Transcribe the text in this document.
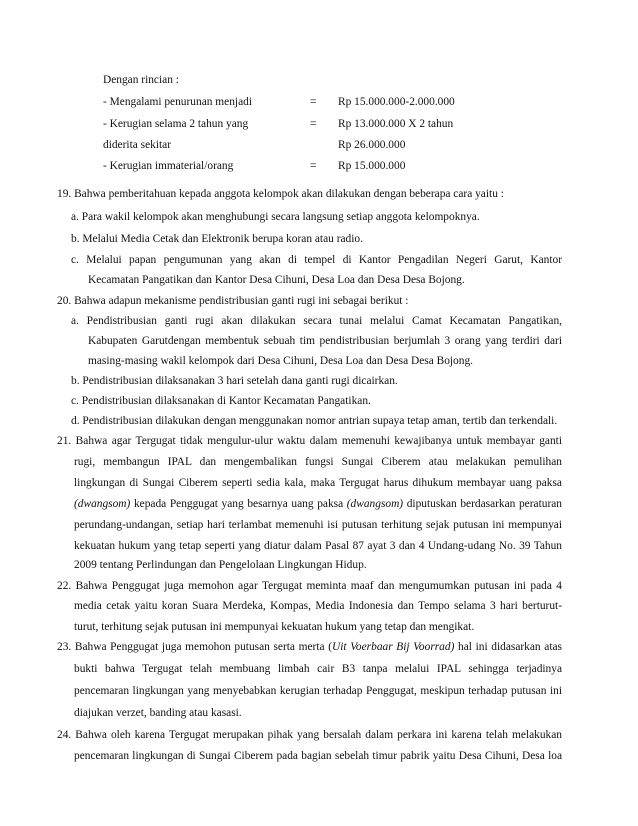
Dengan rincian :
- Mengalami penurunan menjadi	= Rp 15.000.000-2.000.000
- Kerugian selama 2 tahun yang	= Rp 13.000.000 X 2 tahun
diderita sekitar	Rp 26.000.000
- Kerugian immaterial/orang	= Rp 15.000.000
19. Bahwa pemberitahuan kepada anggota kelompok akan dilakukan dengan beberapa cara yaitu :
a. Para wakil kelompok akan menghubungi secara langsung setiap anggota kelompoknya.
b. Melalui Media Cetak dan Elektronik berupa koran atau radio.
c. Melalui papan pengumunan yang akan di tempel di Kantor Pengadilan Negeri Garut, Kantor
Kecamatan Pangatikan dan Kantor Desa Cihuni, Desa Loa dan Desa Desa Bojong.
20. Bahwa adapun mekanisme pendistribusian ganti rugi ini sebagai berikut :
a. Pendistribusian ganti rugi akan dilakukan secara tunai melalui Camat Kecamatan Pangatikan,
Kabupaten Garutdengan membentuk sebuah tim pendistribusian berjumlah 3 orang yang terdiri dari
masing-masing wakil kelompok dari Desa Cihuni, Desa Loa dan Desa Desa Bojong.
b. Pendistribusian dilaksanakan 3 hari setelah dana ganti rugi dicairkan.
c. Pendistribusian dilaksanakan di Kantor Kecamatan Pangatikan.
d. Pendistribusian dilakukan dengan menggunakan nomor antrian supaya tetap aman, tertib dan terkendali.
21. Bahwa agar Tergugat tidak mengulur-ulur waktu dalam memenuhi kewajibanya untuk membayar ganti
rugi, membangun IPAL dan mengembalikan fungsi Sungai Ciberem atau melakukan pemulihan
lingkungan di Sungai Ciberem seperti sedia kala, maka Tergugat harus dihukum membayar uang paksa
(dwangsom) kepada Penggugat yang besarnya uang paksa (dwangsom) diputuskan berdasarkan peraturan
perundang-undangan, setiap hari terlambat memenuhi isi putusan terhitung sejak putusan ini mempunyai
kekuatan hukum yang tetap seperti yang diatur dalam Pasal 87 ayat 3 dan 4 Undang-udang No. 39 Tahun
2009 tentang Perlindungan dan Pengelolaan Lingkungan Hidup.
22. Bahwa Penggugat juga memohon agar Tergugat meminta maaf dan mengumumkan putusan ini pada 4
media cetak yaitu koran Suara Merdeka, Kompas, Media Indonesia dan Tempo selama 3 hari berturut-
turut, terhitung sejak putusan ini mempunyai kekuatan hukum yang tetap dan mengikat.
23. Bahwa Penggugat juga memohon putusan serta merta (Uit Voerbaar Bij Voorrad) hal ini didasarkan atas
bukti bahwa Tergugat telah membuang limbah cair B3 tanpa melalui IPAL sehingga terjadinya
pencemaran lingkungan yang menyebabkan kerugian terhadap Penggugat, meskipun terhadap putusan ini
diajukan verzet, banding atau kasasi.
24. Bahwa oleh karena Tergugat merupakan pihak yang bersalah dalam perkara ini karena telah melakukan
pencemaran lingkungan di Sungai Ciberem pada bagian sebelah timur pabrik yaitu Desa Cihuni, Desa loa
